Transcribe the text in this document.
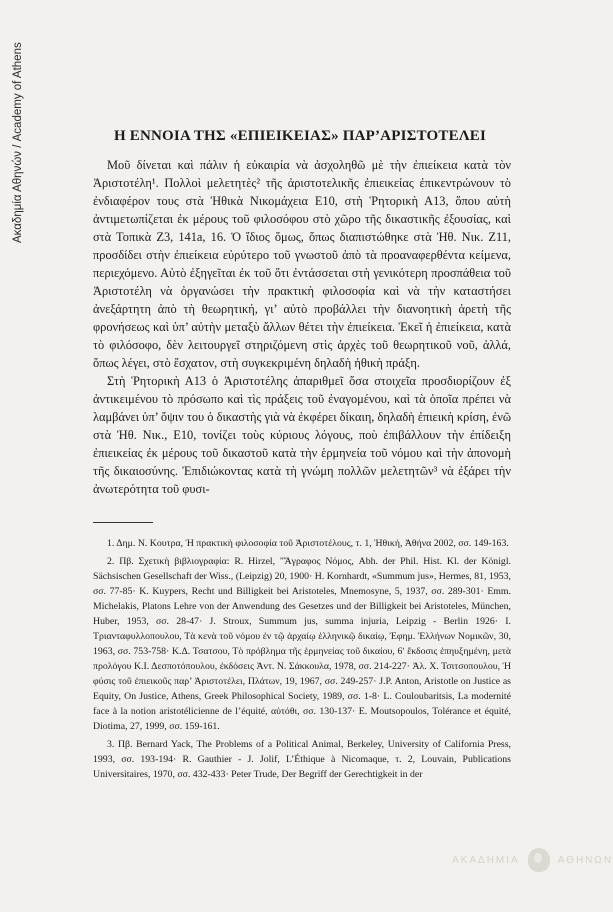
Ακαδημία Αθηνών / Academy of Athens	Η ΕΝΝΟΙΑ ΤΗΣ «ΕΠΙΕΙΚΕΙΑΣ» ΠΑΡ’ΑΡΙΣΤΟΤΕΛΕΙ

Μοῦ δίνεται καὶ πάλιν ἡ εὐκαιρία νὰ ἀσχοληθῶ μὲ τὴν ἐπιείκεια κατὰ τὸν Ἀριστοτέλη¹. Πολλοὶ μελετητὲς² τῆς ἀριστοτελικῆς ἐπιεικείας ἐπικεντρώνουν τὸ ἐνδιαφέρον τους στὰ Ἠθικὰ Νικομάχεια Ε10, στὴ Ῥητορικὴ Α13, ὅπου αὐτὴ ἀντιμετωπίζεται ἐκ μέρους τοῦ φιλοσόφου στὸ χῶρο τῆς δικαστικῆς ἐξουσίας, καὶ στὰ Τοπικὰ Ζ3, 141a, 16. Ὁ ἴδιος ὅμως, ὅπως διαπιστώθηκε στὰ Ἠθ. Νικ. Ζ11, προσδίδει στὴν ἐπιείκεια εὐρύτερο τοῦ γνωστοῦ ἀπὸ τὰ προαναφερθέντα κείμενα, περιεχόμενο. Αὐτὸ ἐξηγεῖται ἐκ τοῦ ὅτι ἐντάσσεται στὴ γενικότερη προσπάθεια τοῦ Ἀριστοτέλη νὰ ὀργανώσει τὴν πρακτικὴ φιλοσοφία καὶ νὰ τὴν καταστήσει ἀνεξάρτητη ἀπὸ τὴ θεωρητική, γι’ αὐτὸ προβάλλει τὴν διανοητικὴ ἀρετὴ τῆς φρονήσεως καὶ ὑπ’ αὐτὴν μεταξὺ ἄλλων θέτει τὴν ἐπιείκεια. Ἐκεῖ ἡ ἐπιείκεια, κατὰ τὸ φιλόσοφο, δὲν λειτουργεῖ στηριζόμενη στὶς ἀρχὲς τοῦ θεωρητικοῦ νοῦ, ἀλλά, ὅπως λέγει, στὸ ἔσχατον, στὴ συγκεκριμένη δηλαδὴ ἠθικὴ πράξη.

Στὴ Ῥητορικὴ Α13 ὁ Ἀριστοτέλης ἀπαριθμεῖ ὅσα στοιχεῖα προσδιορίζουν ἐξ ἀντικειμένου τὸ πρόσωπο καὶ τὶς πράξεις τοῦ ἐναγομένου, καὶ τὰ ὁποῖα πρέπει νὰ λαμβάνει ὑπ’ ὄψιν του ὁ δικαστὴς γιὰ νὰ ἐκφέρει δίκαιη, δηλαδὴ ἐπιεικὴ κρίση, ἐνῶ στὰ Ἠθ. Νικ., Ε10, τονίζει τοὺς κύριους λόγους, ποὺ ἐπιβάλλουν τὴν ἐπίδειξη ἐπιεικείας ἐκ μέρους τοῦ δικαστοῦ κατὰ τὴν ἑρμηνεία τοῦ νόμου καὶ τὴν ἀπονομὴ τῆς δικαιοσύνης. Ἐπιδιώκοντας κατὰ τὴ γνώμη πολλῶν μελετητῶν³ νὰ ἐξάρει τὴν ἀνωτερότητα τοῦ φυσι-

1. Δημ. Ν. Κουτρα, Ἡ πρακτικὴ φιλοσοφία τοῦ Ἀριστοτέλους, τ. 1, Ἠθική, Ἀθήνα 2002, σσ. 149-163.

2. Πβ. Σχετικὴ βιβλιογραφία: R. Hirzel, "Ἄγραφος Νόμος, Abh. der Phil. Hist. Kl. der Königl. Sächsischen Gesellschaft der Wiss., (Leipzig) 20, 1900· H. Kornhardt, «Summum jus», Hermes, 81, 1953, σσ. 77-85· K. Kuypers, Recht und Billigkeit bei Aristoteles, Mnemosyne, 5, 1937, σσ. 289-301· Emm. Michelakis, Platons Lehre von der Anwendung des Gesetzes und der Billigkeit bei Aristoteles, München, Huber, 1953, σσ. 28-47· J. Stroux, Summum jus, summa injuria, Leipzig - Berlin 1926· Ι. Τριανταφυλλοπουλου, Τὰ κενὰ τοῦ νόμου ἐν τῷ ἀρχαίῳ ἑλληνικῷ δικαίῳ, Ἐφημ. Ἑλλήνων Νομικῶν, 30, 1963, σσ. 753-758· Κ.Δ. Τσατσου, Τὸ πρόβλημα τῆς ἑρμηνείας τοῦ δικαίου, 6ʹ ἔκδοσις ἐπηυξημένη, μετὰ προλόγου Κ.Ι. Δεσποτόπουλου, ἐκδόσεις Ἀντ. Ν. Σάκκουλα, 1978, σσ. 214-227· Ἀλ. Χ. Τσιτσοπουλου, Ἡ φύσις τοῦ ἐπιεικοῦς παρ’ Ἀριστοτέλει, Πλάτων, 19, 1967, σσ. 249-257· J.P. Anton, Aristotle on Justice as Equity, On Justice, Athens, Greek Philosophical Society, 1989, σσ. 1-8· L. Couloubaritsis, La modernité face à la notion aristotélicienne de l’équité, αὐτόθι, σσ. 130-137· E. Moutsopoulos, Tolérance et équité, Diotima, 27, 1999, σσ. 159-161.

3. Πβ. Bernard Yack, The Problems of a Political Animal, Berkeley, University of California Press, 1993, σσ. 193-194· R. Gauthier - J. Jolif, L’Éthique à Nicomaque, τ. 2, Louvain, Publications Universitaires, 1970, σσ. 432-433· Peter Trude, Der Begriff der Gerechtigkeit in der

ΑΚΑΔΗΜΙΑ	ΑΘΗΝΩΝ
